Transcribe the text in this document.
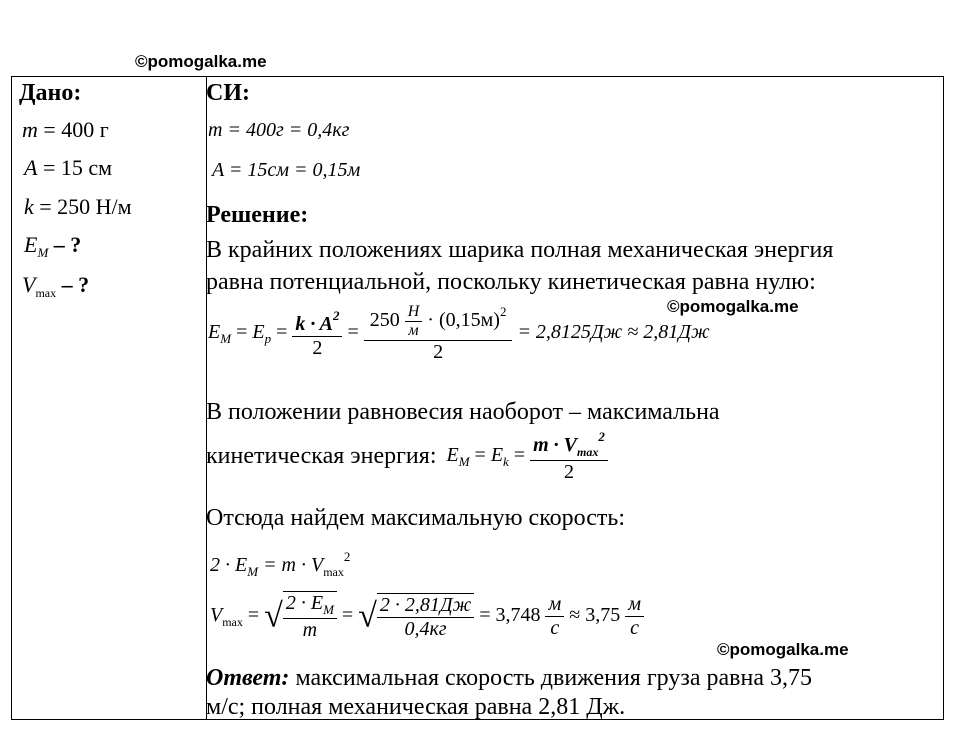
©pomogalka.me
©pomogalka.me
©pomogalka.me
Дано:
m = 400 г
A = 15 см
k = 250 Н/м
$E_М$ – ?
$V_{max}$ – ?
СИ:
m = 400г = 0,4кг
A = 15см = 0,15м
Решение:
В крайних положениях шарика полная механическая энергия
равна потенциальной, поскольку кинетическая равна нулю:
$E_М = E_p = \frac{k \cdot A^2}{2}$ =
$250 \frac{Н}{м} \cdot (0,15м)^2$
2
= 2,8125Дж ≈ 2,81Дж
В положении равновесия наоборот – максимальна
кинетическая энергия: $E_М = E_k = \frac{m \cdot V_{max}^2}{2}$
Отсюда найдем максимальную скорость:
$2 \cdot E_М = m \cdot V_{max}^2$
$V_{max}$ = √ $\frac{2 \cdot E_М}{m}$ = √ $\frac{2 \cdot 2,81Дж}{0,4кг} = 3,748 \frac{м}{с} \approx 3,75 \frac{м}{с}$
Ответ: максимальная скорость движения груза равна 3,75
м/с; полная механическая равна 2,81 Дж.
